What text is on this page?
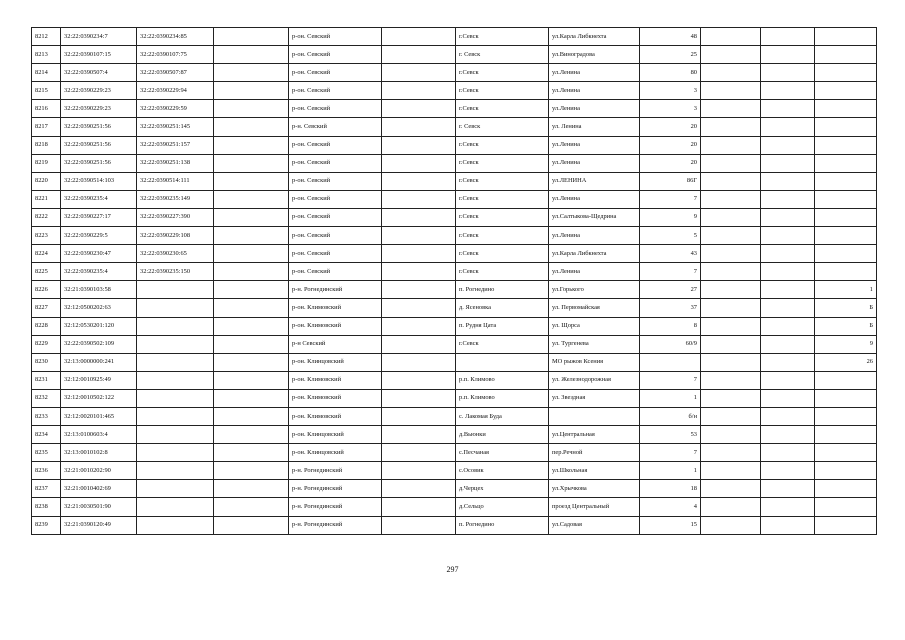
8212	32:22:0390234:7	32:22:0390234:85		р-он. Севский		г.Севск	ул.Карла Либкнехта	48			
8213	32:22:0390107:15	32:22:0390107:75		р-он. Севский		г. Севск	ул.Виноградова	25			
8214	32:22:0390507:4	32:22:0390507:87		р-он. Севский		г.Севск	ул.Ленина	80			
8215	32:22:0390229:23	32:22:0390229:94		р-он. Севский		г.Севск	ул.Ленина	3			
8216	32:22:0390229:23	32:22:0390229:59		р-он. Севский		г.Севск	ул.Ленина	3			
8217	32:22:0390251:56	32:22:0390251:145		р-н. Севский		г. Севск	ул. Ленина	20			
8218	32:22:0390251:56	32:22:0390251:157		р-он. Севский		г.Севск	ул.Ленина	20			
8219	32:22:0390251:56	32:22:0390251:138		р-он. Севский		г.Севск	ул.Ленина	20			
8220	32:22:0390514:103	32:22:0390514:111		р-он. Севский		г.Севск	ул.ЛЕНИНА	86Г			
8221	32:22:0390235:4	32:22:0390235:149		р-он. Севский		г.Севск	ул.Ленина	7			
8222	32:22:0390227:17	32:22:0390227:390		р-он. Севский		г.Севск	ул.Салтыкова-Щедрина	9			
8223	32:22:0390229:5	32:22:0390229:108		р-он. Севский		г.Севск	ул.Ленина	5			
8224	32:22:0390230:47	32:22:0390230:65		р-он. Севский		г.Севск	ул.Карла Либкнехта	43			
8225	32:22:0390235:4	32:22:0390235:150		р-он. Севский		г.Севск	ул.Ленина	7			
8226	32:21:0390103:58			р-н. Рогнединский		п. Рогнедино	ул.Горького	27			1
8227	32:12:0500202:63			р-он. Климовский		д. Ясеновка	ул. Первомайская	37			Б
8228	32:12:0530201:120			р-он. Климовский		п. Рудня Цата	ул. Щорса	8			Б
8229	32:22:0390502:109			р-н Севский		г.Севск	ул. Тургенева	60/9			9
8230	32:13:0000000:241			р-он. Клинцовский			МО рыжов Ксения				26
8231	32:12:0010925:49			р-он. Климовский		р.п. Климово	ул. Железнодорожная	7			
8232	32:12:0010502:122			р-он. Климовский		р.п. Климово	ул. Звездная	1			
8233	32:12:0020101:465			р-он. Климовский		с. Лакомая Буда		б/н			
8234	32:13:0100603:4			р-он. Клинцовский		д.Вьюнки	ул.Центральная	53			
8235	32:13:0010102:8			р-он. Клинцовский		с.Песчаная	пер.Речной	7			
8236	32:21:0010202:90			р-н. Рогнединский		с.Осовик	ул.Школьная	1			
8237	32:21:0010402:69			р-н. Рогнединский		д.Черцех	ул.Хрычкова	18			
8238	32:21:0030501:90			р-н. Рогнединский		д.Сельцо	проезд Центральный	4			
8239	32:21:0390120:49			р-н. Рогнединский		п. Рогнедино	ул.Садовая	15			
297
